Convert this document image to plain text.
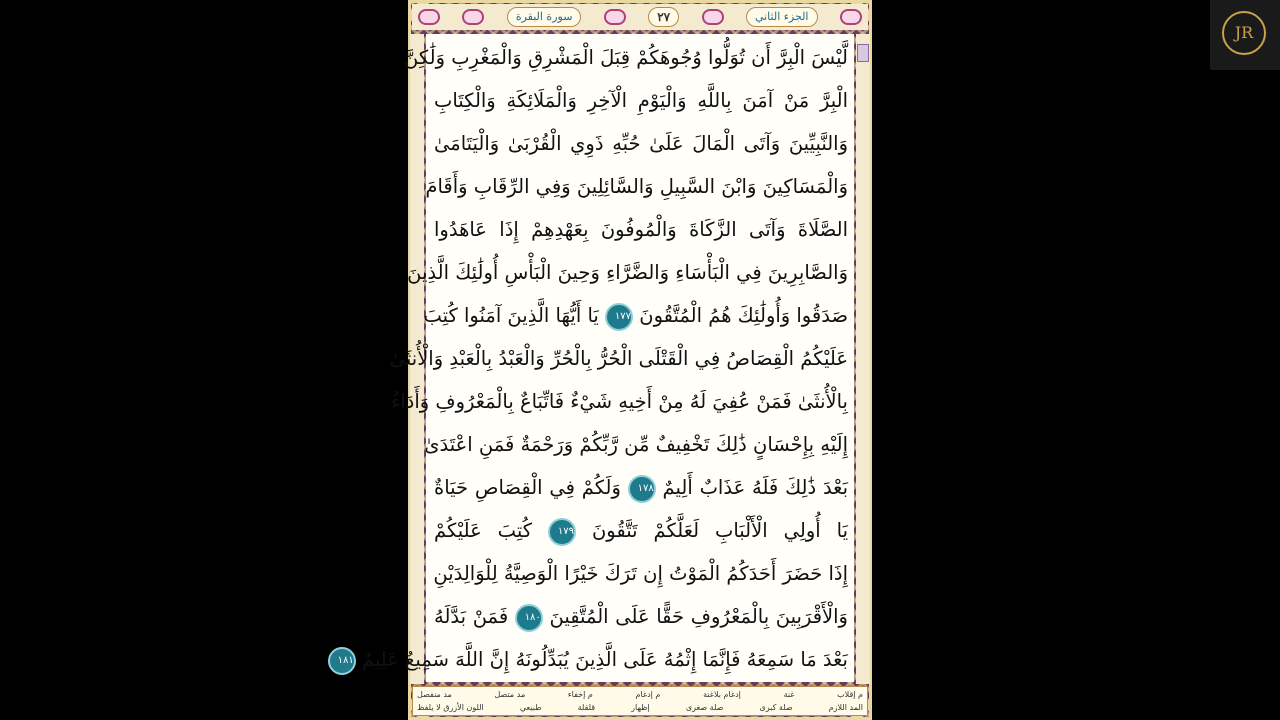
سورة البقرة	٢٧	الجزء الثاني
لَّيْسَ الْبِرَّ أَن تُوَلُّوا وُجُوهَكُمْ قِبَلَ الْمَشْرِقِ وَالْمَغْرِبِ وَلَٰكِنَّ
الْبِرَّ مَنْ آمَنَ بِاللَّهِ وَالْيَوْمِ الْآخِرِ وَالْمَلَائِكَةِ وَالْكِتَابِ
وَالنَّبِيِّينَ وَآتَى الْمَالَ عَلَىٰ حُبِّهِ ذَوِي الْقُرْبَىٰ وَالْيَتَامَىٰ
وَالْمَسَاكِينَ وَابْنَ السَّبِيلِ وَالسَّائِلِينَ وَفِي الرِّقَابِ وَأَقَامَ
الصَّلَاةَ وَآتَى الزَّكَاةَ وَالْمُوفُونَ بِعَهْدِهِمْ إِذَا عَاهَدُوا
وَالصَّابِرِينَ فِي الْبَأْسَاءِ وَالضَّرَّاءِ وَحِينَ الْبَأْسِ أُولَٰئِكَ الَّذِينَ
صَدَقُوا وَأُولَٰئِكَ هُمُ الْمُتَّقُونَ ١٧٧ يَا أَيُّهَا الَّذِينَ آمَنُوا كُتِبَ
عَلَيْكُمُ الْقِصَاصُ فِي الْقَتْلَى الْحُرُّ بِالْحُرِّ وَالْعَبْدُ بِالْعَبْدِ وَالْأُنثَىٰ
بِالْأُنثَىٰ فَمَنْ عُفِيَ لَهُ مِنْ أَخِيهِ شَيْءٌ فَاتِّبَاعٌ بِالْمَعْرُوفِ وَأَدَاءٌ
إِلَيْهِ بِإِحْسَانٍ ذَٰلِكَ تَخْفِيفٌ مِّن رَّبِّكُمْ وَرَحْمَةٌ فَمَنِ اعْتَدَىٰ
بَعْدَ ذَٰلِكَ فَلَهُ عَذَابٌ أَلِيمٌ ١٧٨ وَلَكُمْ فِي الْقِصَاصِ حَيَاةٌ
يَا أُولِي الْأَلْبَابِ لَعَلَّكُمْ تَتَّقُونَ ١٧٩ كُتِبَ عَلَيْكُمْ
إِذَا حَضَرَ أَحَدَكُمُ الْمَوْتُ إِن تَرَكَ خَيْرًا الْوَصِيَّةُ لِلْوَالِدَيْنِ
وَالْأَقْرَبِينَ بِالْمَعْرُوفِ حَقًّا عَلَى الْمُتَّقِينَ ١٨٠ فَمَنْ بَدَّلَهُ
بَعْدَ مَا سَمِعَهُ فَإِنَّمَا إِثْمُهُ عَلَى الَّذِينَ يُبَدِّلُونَهُ إِنَّ اللَّهَ سَمِيعٌ عَلِيمٌ ١٨١
م إقلاب
غنة
إدغام بلاغنة
م إدغام
م إخفاء
مد متصل
مد منفصل
المد اللازم
صلة كبرى
صلة صغرى
إظهار
قلقلة
طبيعي
اللون الأزرق لا يلفظ
JR
